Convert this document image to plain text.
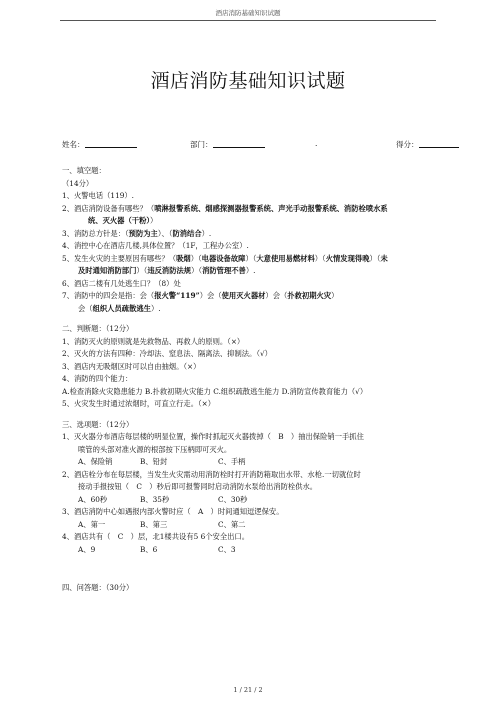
酒店消防基础知识试题
酒店消防基础知识试题
姓名：	部门：	.	得分：
一、填空题：
（14分）
1、火警电话（119）.
2、酒店消防设备有哪些？（喷淋报警系统、烟感探测器报警系统、声光手动报警系统、消防栓喷水系
统、灭火器（干粉））
3、消防总方针是：（预防为主）、（防消结合）.
4、消控中心在酒店几楼,具体位置？（1F，工程办公室）.
5、发生火灾的主要原因有哪些？（吸烟）（电器设备故障）（大意使用易燃材料）（火情发现得晚）（未
及时通知消防部门）（违反消防法规）（消防管理不善）.
6、酒店二楼有几处逃生口？（8）处
7、消防中的四会是指：会（报火警“119”）会（使用灭火器材）会（扑救初期火灾）
会（组织人员疏散逃生）.
二、判断题：（12分）
1、消防灭火的原则就是先救物品、再救人的原则。（×）
2、灭火的方法有四种：冷却法、窒息法、隔离法、抑制法。（√）
3、酒店内无吸烟区时可以自由抽烟。（×）
4、消防的四个能力：
A.检查消除火灾隐患能力 B.扑救初期火灾能力 C.组织疏散逃生能力 D.消防宣传教育能力（√）
5、火灾发生时通过浓烟时，可直立行走。（×）
三、选项题：（12分）
1、灭火器分布酒店每层楼的明显位置，操作时抓起灭火器拨掉（　B　）抽出保险销一手抓住
喷管的头部对准火源的根部按下压柄即可灭火。
A、保险销	B、铅封	C、手柄
2、酒店栓分布在每层楼，当发生火灾需动用消防栓时打开消防箱取出水带、水枪.一切就位时
接动手报按钮（　C　）秒后即可报警同时启动消防水泵给出消防栓供水。
A、60秒	B、35秒	C、30秒
3、酒店消防中心如遇报内部火警时应（　A　）时间通知逗逻保安。
A、第一	B、第三	C、第二
4、酒店共有（　C　）层，北1楼共设有5 6个安全出口。
A、9	B、6	C、3
四、问答题：（30分）
1 / 21 / 2
